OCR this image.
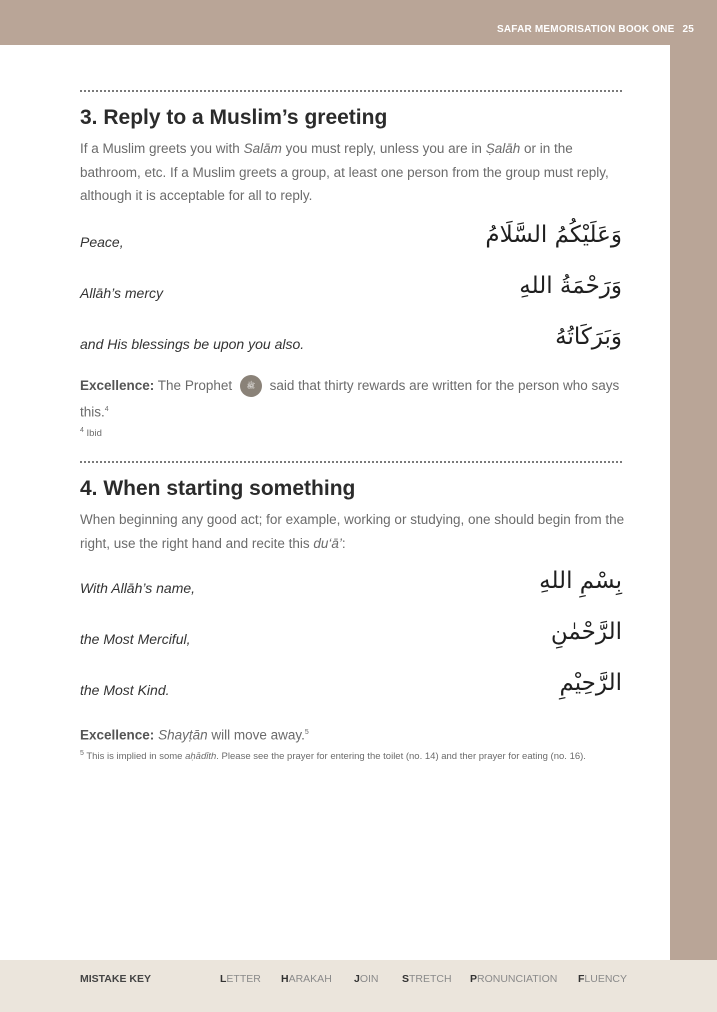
SAFAR MEMORISATION BOOK ONE 25
3. Reply to a Muslim’s greeting
If a Muslim greets you with Salām you must reply, unless you are in Ṣalāh or in the bathroom, etc. If a Muslim greets a group, at least one person from the group must reply, although it is acceptable for all to reply.
Peace,	وَعَلَيْكُمُ السَّلَامُ
Allāh’s mercy	وَرَحْمَةُ اللهِ
and His blessings be upon you also.	وَبَرَكَاتُهُ
Excellence: The Prophet ﷺ said that thirty rewards are written for the person who says this.$^4$
$^4$ Ibid
4. When starting something
When beginning any good act; for example, working or studying, one should begin from the right, use the right hand and recite this du‘ā’:
With Allāh’s name,	بِسْمِ اللهِ
the Most Merciful,	الرَّحْمٰنِ
the Most Kind.	الرَّحِيْمِ
Excellence: Shayṭān will move away.$^5$
$^5$ This is implied in some aḥādīth. Please see the prayer for entering the toilet (no. 14) and ther prayer for eating (no. 16).
MISTAKE KEY	LETTER HARAKAH JOIN STRETCH PRONUNCIATION FLUENCY
